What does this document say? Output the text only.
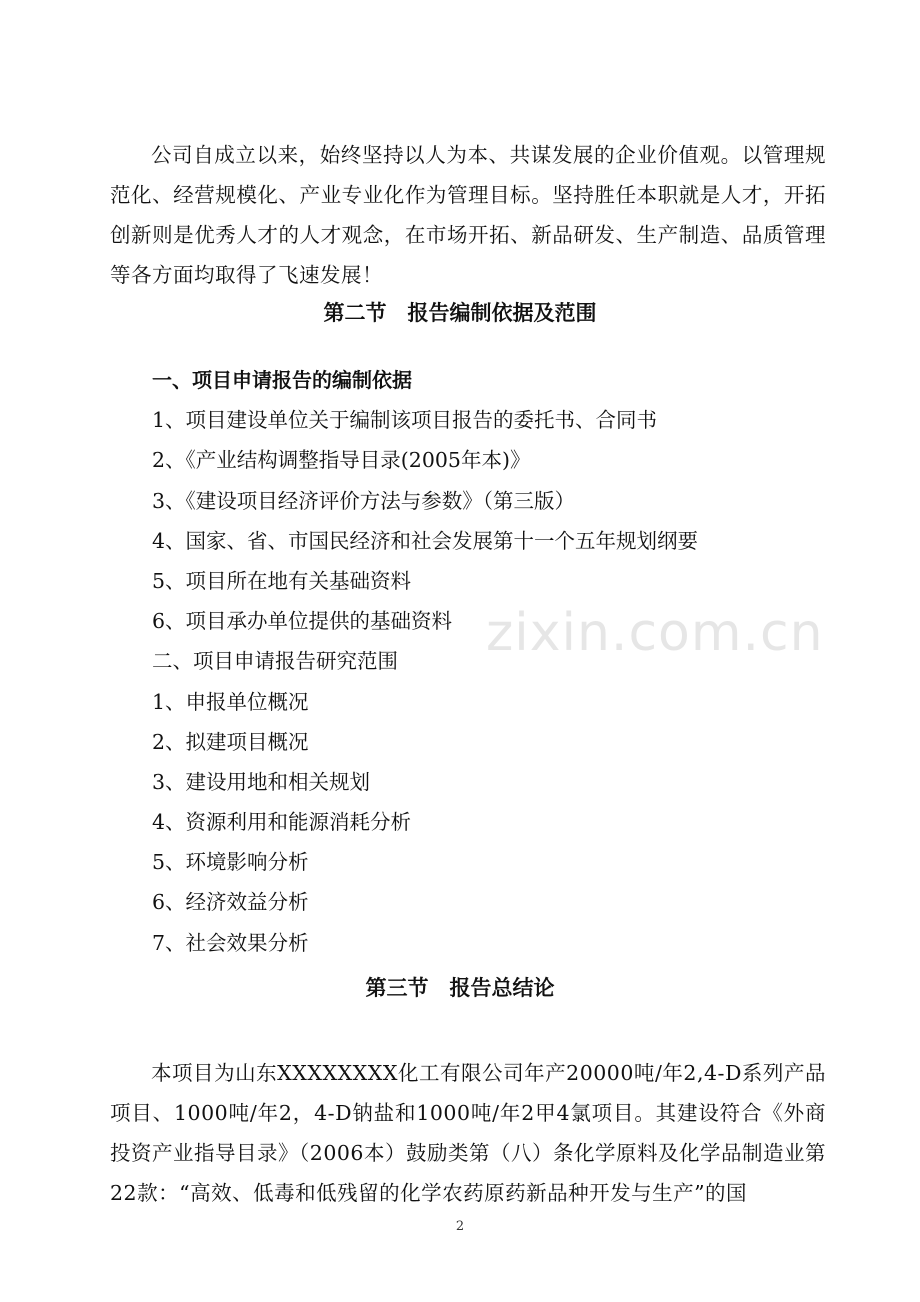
公司自成立以来，始终坚持以人为本、共谋发展的企业价值观。以管理规范化、经营规模化、产业专业化作为管理目标。坚持胜任本职就是人才，开拓创新则是优秀人才的人才观念，在市场开拓、新品研发、生产制造、品质管理等各方面均取得了飞速发展！

第二节　报告编制依据及范围
一、项目申请报告的编制依据
1、项目建设单位关于编制该项目报告的委托书、合同书
2、《产业结构调整指导目录(2005年本)》
3、《建设项目经济评价方法与参数》（第三版）
4、国家、省、市国民经济和社会发展第十一个五年规划纲要
5、项目所在地有关基础资料
6、项目承办单位提供的基础资料
二、项目申请报告研究范围
1、申报单位概况
2、拟建项目概况
3、建设用地和相关规划
4、资源利用和能源消耗分析
5、环境影响分析
6、经济效益分析
7、社会效果分析
第三节　报告总结论

本项目为山东XXXXXXXX化工有限公司年产20000吨/年2,4-D系列产品项目、1000吨/年2，4-D钠盐和1000吨/年2甲4氯项目。其建设符合《外商投资产业指导目录》（2006本）鼓励类第（八）条化学原料及化学品制造业第22款：“高效、低毒和低残留的化学农药原药新品种开发与生产”的国

zixin.com.cn
2
